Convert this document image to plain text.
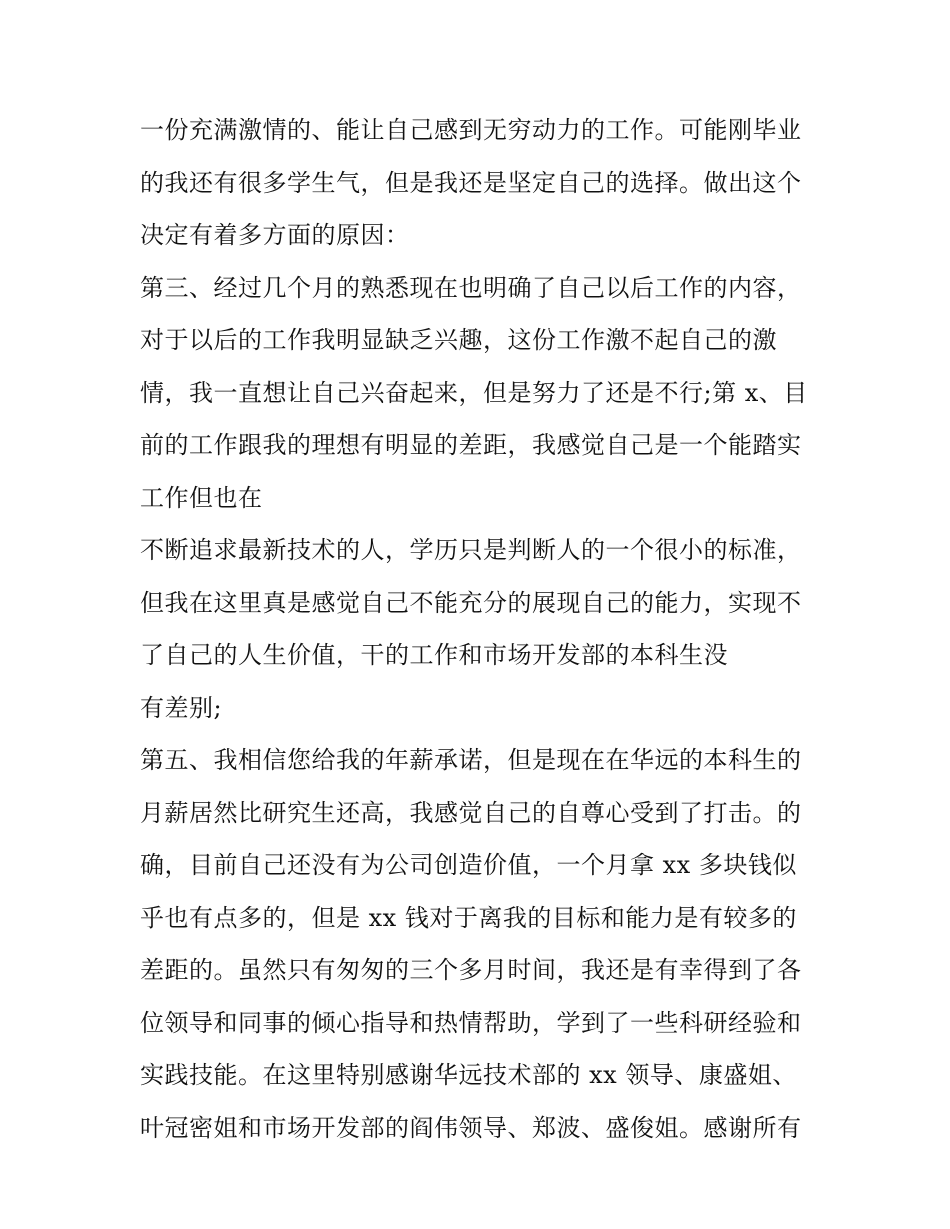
一份充满激情的、能让自己感到无穷动力的工作。可能刚毕业
的我还有很多学生气，但是我还是坚定自己的选择。做出这个
决定有着多方面的原因：
第三、经过几个月的熟悉现在也明确了自己以后工作的内容，
对于以后的工作我明显缺乏兴趣，这份工作激不起自己的激
情，我一直想让自己兴奋起来，但是努力了还是不行;第 x、目
前的工作跟我的理想有明显的差距，我感觉自己是一个能踏实
工作但也在
不断追求最新技术的人，学历只是判断人的一个很小的标准，
但我在这里真是感觉自己不能充分的展现自己的能力，实现不
了自己的人生价值，干的工作和市场开发部的本科生没
有差别;
第五、我相信您给我的年薪承诺，但是现在在华远的本科生的
月薪居然比研究生还高，我感觉自己的自尊心受到了打击。的
确，目前自己还没有为公司创造价值，一个月拿 xx 多块钱似
乎也有点多的，但是 xx 钱对于离我的目标和能力是有较多的
差距的。虽然只有匆匆的三个多月时间，我还是有幸得到了各
位领导和同事的倾心指导和热情帮助，学到了一些科研经验和
实践技能。在这里特别感谢华远技术部的 xx 领导、康盛姐、
叶冠密姐和市场开发部的阎伟领导、郑波、盛俊姐。感谢所有
